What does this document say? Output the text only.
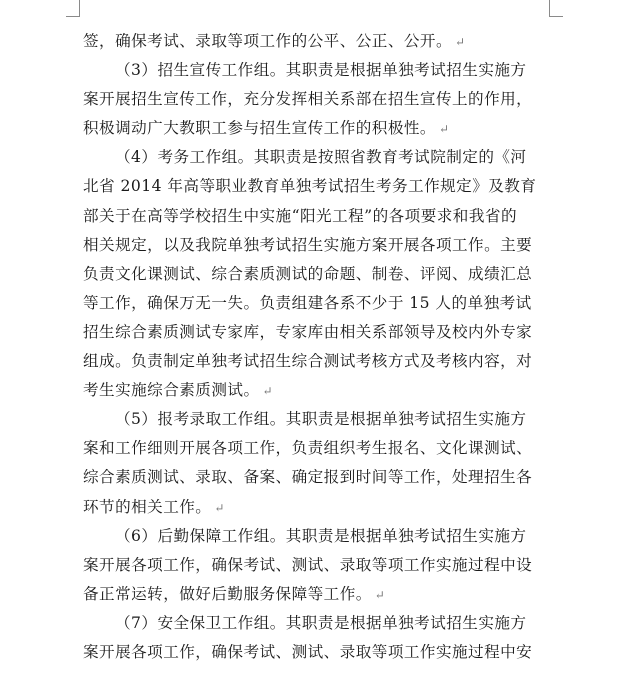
签，确保考试、录取等项工作的公平、公正、公开。 ↵
（3）招生宣传工作组。其职责是根据单独考试招生实施方
案开展招生宣传工作，充分发挥相关系部在招生宣传上的作用，
积极调动广大教职工参与招生宣传工作的积极性。 ↵
（4）考务工作组。其职责是按照省教育考试院制定的《河
北省 2014 年高等职业教育单独考试招生考务工作规定》及教育
部关于在高等学校招生中实施“阳光工程”的各项要求和我省的
相关规定，以及我院单独考试招生实施方案开展各项工作。主要
负责文化课测试、综合素质测试的命题、制卷、评阅、成绩汇总
等工作，确保万无一失。负责组建各系不少于 15 人的单独考试
招生综合素质测试专家库，专家库由相关系部领导及校内外专家
组成。负责制定单独考试招生综合测试考核方式及考核内容，对
考生实施综合素质测试。 ↵
（5）报考录取工作组。其职责是根据单独考试招生实施方
案和工作细则开展各项工作，负责组织考生报名、文化课测试、
综合素质测试、录取、备案、确定报到时间等工作，处理招生各
环节的相关工作。 ↵
（6）后勤保障工作组。其职责是根据单独考试招生实施方
案开展各项工作，确保考试、测试、录取等项工作实施过程中设
备正常运转，做好后勤服务保障等工作。 ↵
（7）安全保卫工作组。其职责是根据单独考试招生实施方
案开展各项工作，确保考试、测试、录取等项工作实施过程中安
